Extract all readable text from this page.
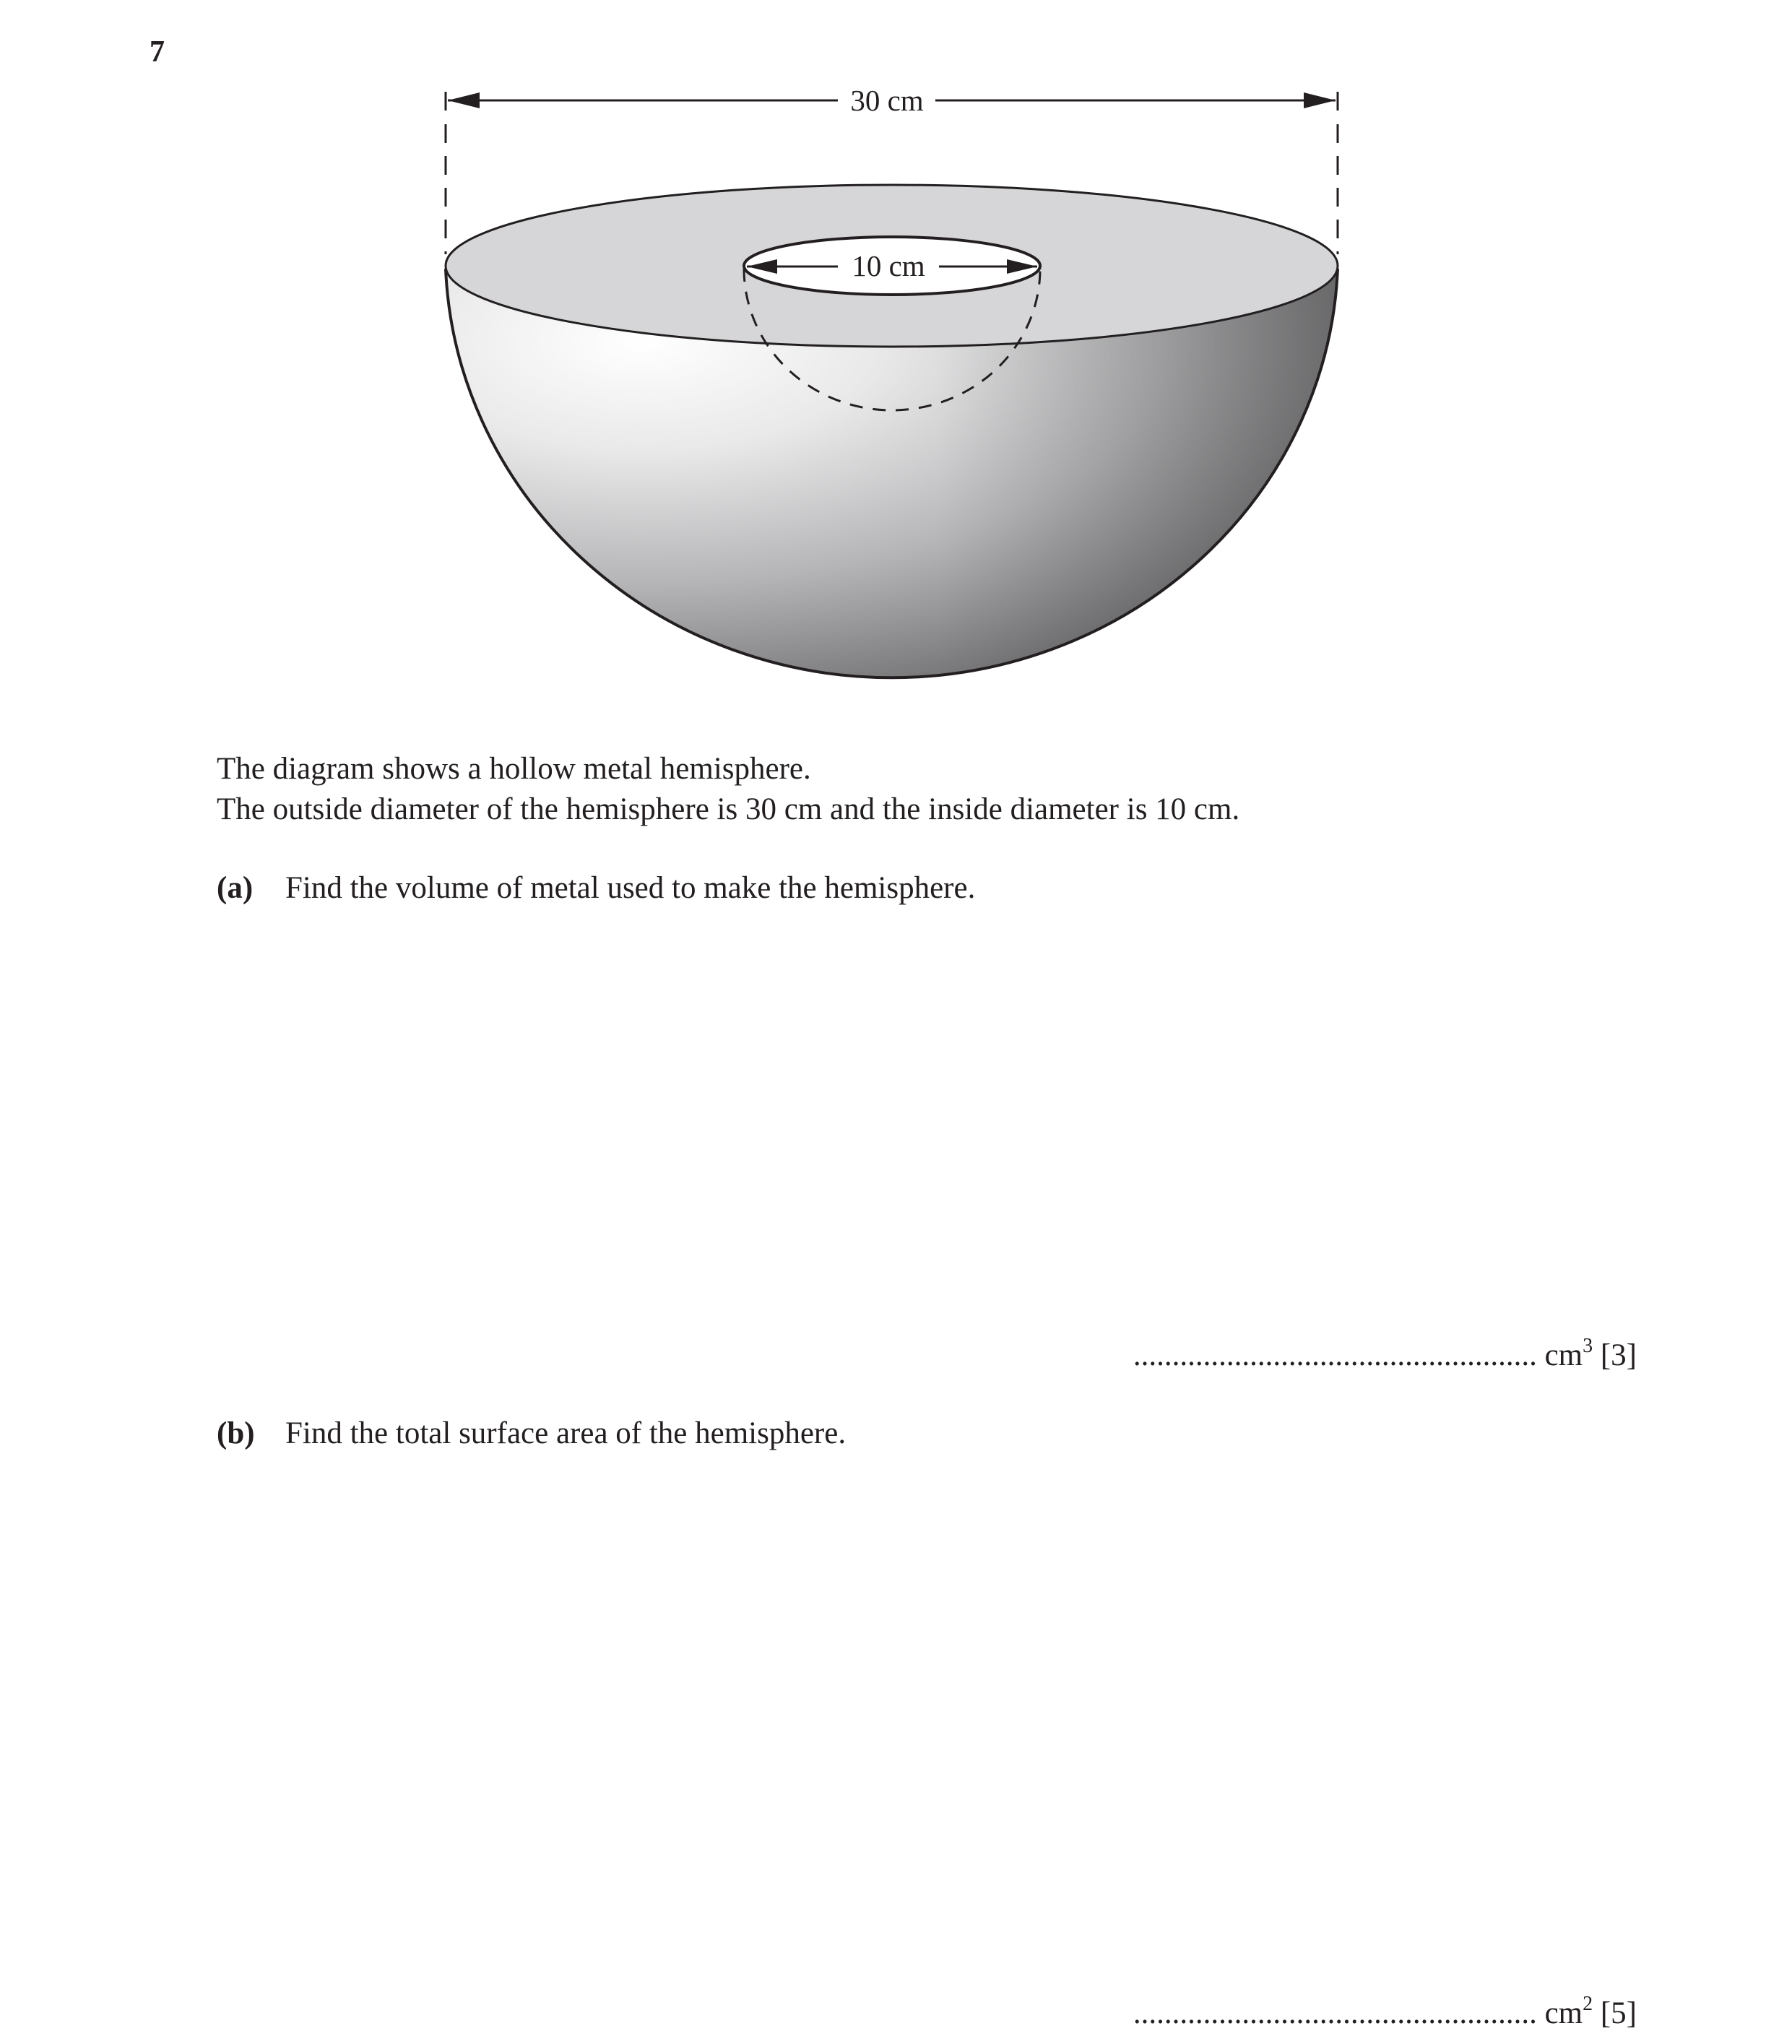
7
30 cm
10 cm
The diagram shows a hollow metal hemisphere.
The outside diameter of the hemisphere is 30 cm and the inside diameter is 10 cm.
(a) Find the volume of metal used to make the hemisphere.
.................................................... $cm^3$ [3]
(b) Find the total surface area of the hemisphere.
.................................................... $cm^2$ [5]
